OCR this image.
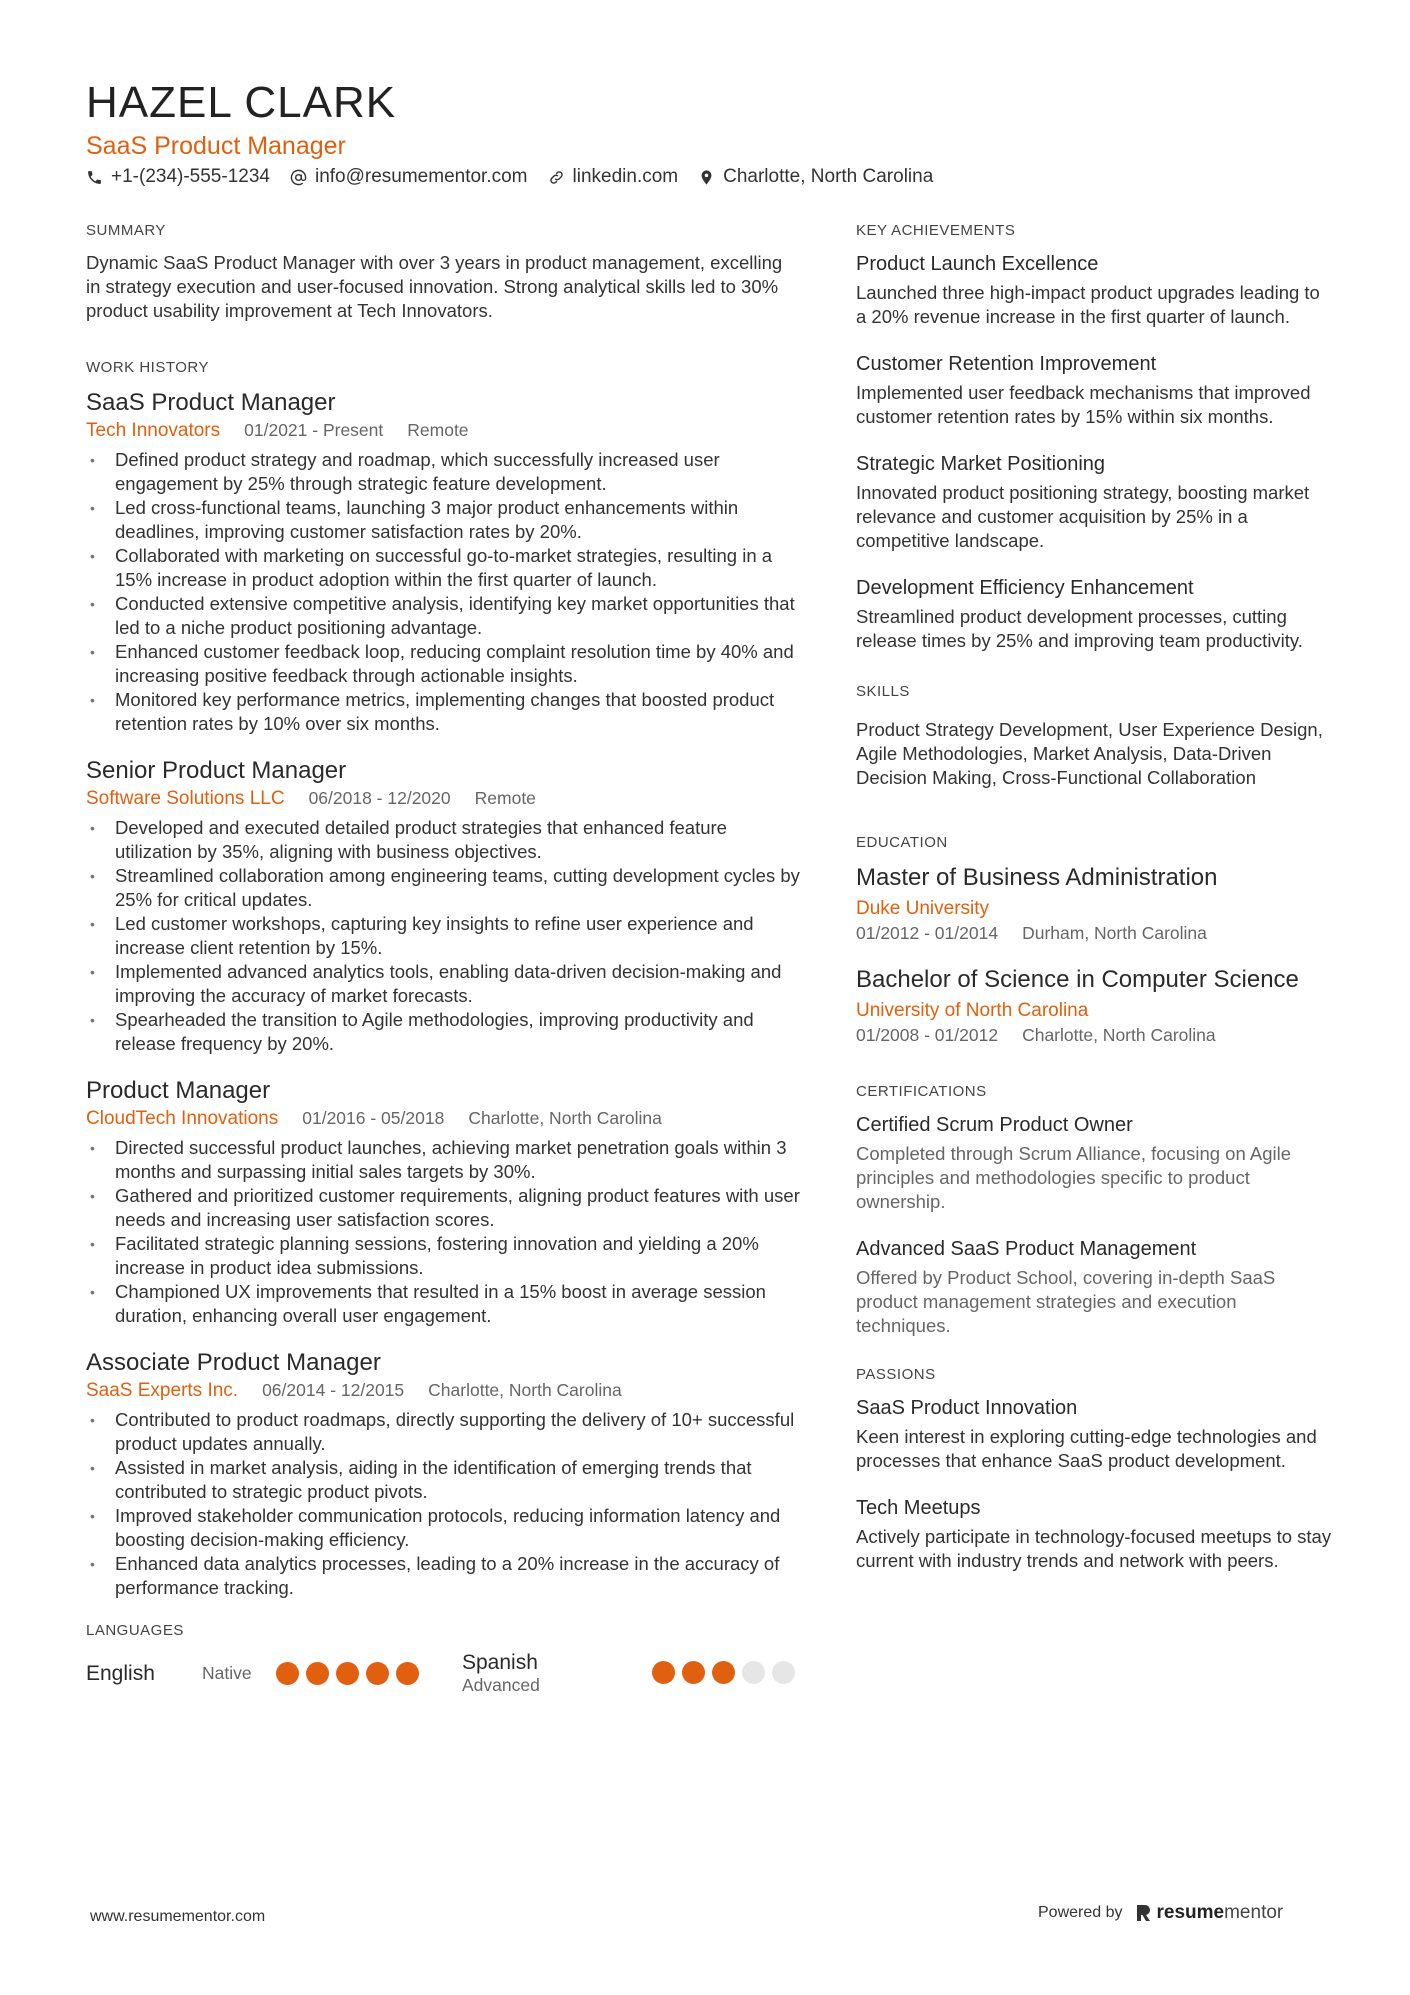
HAZEL CLARK
SaaS Product Manager
+1-(234)-555-1234 info@resumementor.com linkedin.com Charlotte, North Carolina
SUMMARY
Dynamic SaaS Product Manager with over 3 years in product management, excelling in strategy execution and user-focused innovation. Strong analytical skills led to 30% product usability improvement at Tech Innovators.
WORK HISTORY
SaaS Product Manager
Tech Innovators 01/2021 - Present Remote
• Defined product strategy and roadmap, which successfully increased user engagement by 25% through strategic feature development.
• Led cross-functional teams, launching 3 major product enhancements within deadlines, improving customer satisfaction rates by 20%.
• Collaborated with marketing on successful go-to-market strategies, resulting in a 15% increase in product adoption within the first quarter of launch.
• Conducted extensive competitive analysis, identifying key market opportunities that led to a niche product positioning advantage.
• Enhanced customer feedback loop, reducing complaint resolution time by 40% and increasing positive feedback through actionable insights.
• Monitored key performance metrics, implementing changes that boosted product retention rates by 10% over six months.
Senior Product Manager
Software Solutions LLC 06/2018 - 12/2020 Remote
• Developed and executed detailed product strategies that enhanced feature utilization by 35%, aligning with business objectives.
• Streamlined collaboration among engineering teams, cutting development cycles by 25% for critical updates.
• Led customer workshops, capturing key insights to refine user experience and increase client retention by 15%.
• Implemented advanced analytics tools, enabling data-driven decision-making and improving the accuracy of market forecasts.
• Spearheaded the transition to Agile methodologies, improving productivity and release frequency by 20%.
Product Manager
CloudTech Innovations 01/2016 - 05/2018 Charlotte, North Carolina
• Directed successful product launches, achieving market penetration goals within 3 months and surpassing initial sales targets by 30%.
• Gathered and prioritized customer requirements, aligning product features with user needs and increasing user satisfaction scores.
• Facilitated strategic planning sessions, fostering innovation and yielding a 20% increase in product idea submissions.
• Championed UX improvements that resulted in a 15% boost in average session duration, enhancing overall user engagement.
Associate Product Manager
SaaS Experts Inc. 06/2014 - 12/2015 Charlotte, North Carolina
• Contributed to product roadmaps, directly supporting the delivery of 10+ successful product updates annually.
• Assisted in market analysis, aiding in the identification of emerging trends that contributed to strategic product pivots.
• Improved stakeholder communication protocols, reducing information latency and boosting decision-making efficiency.
• Enhanced data analytics processes, leading to a 20% increase in the accuracy of performance tracking.
LANGUAGES
English	Native	Spanish
Advanced
KEY ACHIEVEMENTS
Product Launch Excellence
Launched three high-impact product upgrades leading to a 20% revenue increase in the first quarter of launch.
Customer Retention Improvement
Implemented user feedback mechanisms that improved customer retention rates by 15% within six months.
Strategic Market Positioning
Innovated product positioning strategy, boosting market relevance and customer acquisition by 25% in a competitive landscape.
Development Efficiency Enhancement
Streamlined product development processes, cutting release times by 25% and improving team productivity.
SKILLS
Product Strategy Development, User Experience Design, Agile Methodologies, Market Analysis, Data-Driven Decision Making, Cross-Functional Collaboration
EDUCATION
Master of Business Administration
Duke University
01/2012 - 01/2014 Durham, North Carolina
Bachelor of Science in Computer Science
University of North Carolina
01/2008 - 01/2012 Charlotte, North Carolina
CERTIFICATIONS
Certified Scrum Product Owner
Completed through Scrum Alliance, focusing on Agile principles and methodologies specific to product ownership.
Advanced SaaS Product Management
Offered by Product School, covering in-depth SaaS product management strategies and execution techniques.
PASSIONS
SaaS Product Innovation
Keen interest in exploring cutting-edge technologies and processes that enhance SaaS product development.
Tech Meetups
Actively participate in technology-focused meetups to stay current with industry trends and network with peers.
www.resumementor.com	Powered by resumementor
